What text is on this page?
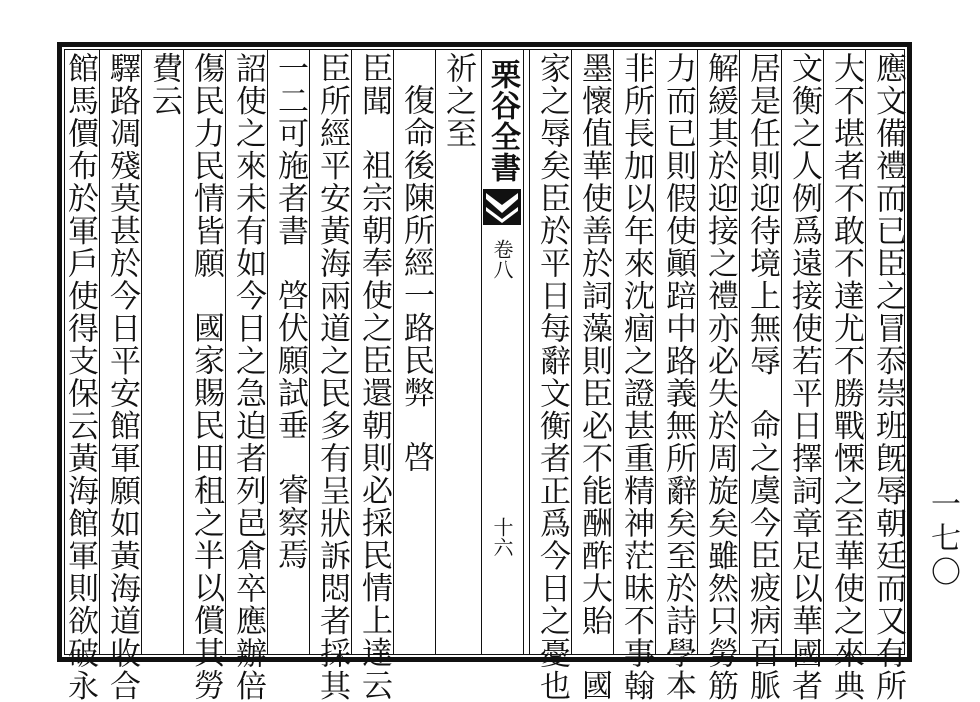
應文備禮而已臣之冒忝崇班旣辱朝廷而又有所
大不堪者不敢不達尤不勝戰慄之至華使之來典
文衡之人例爲遠接使若平日擇詞章足以華國者
居是任則迎待境上無辱命之虞今臣疲病百脈
解緩其於迎接之禮亦必失於周旋矣雖然只勞筋
力而已則假使顚踣中路義無所辭矣至於詩學本
非所長加以年來沈痼之證甚重精神茫昧不事翰
墨懷值華使善於詞藻則臣必不能酬酢大貽國
家之辱矣臣於平日每辭文衡者正爲今日之憂也
栗谷全書
卷八
十六
祈之至
復命後陳所經一路民弊啓
臣聞祖宗朝奉使之臣還朝則必採民情上達云
臣所經平安黃海兩道之民多有呈狀訴悶者採其
一二可施者書啓伏願試垂睿察焉
詔使之來未有如今日之急迫者列邑倉卒應辦倍
傷民力民情皆願國家賜民田租之半以償其勞
費云
驛路凋殘莫甚於今日平安館軍願如黃海道收合
館馬價布於軍戶使得支保云黃海館軍則欲破永	一七〇
